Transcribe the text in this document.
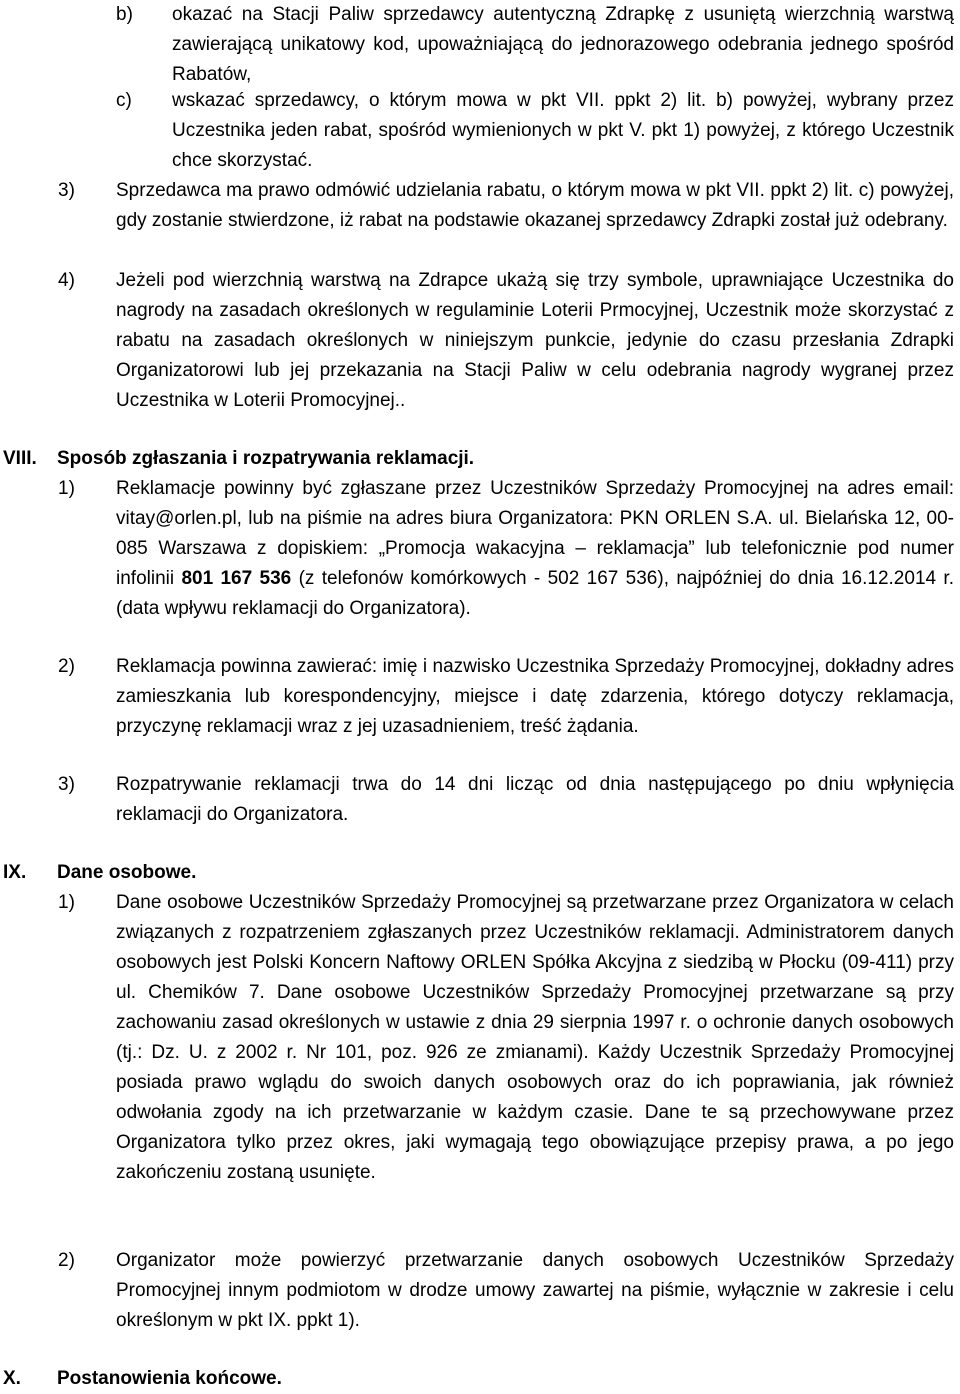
b)	okazać na Stacji Paliw sprzedawcy autentyczną Zdrapkę z usuniętą wierzchnią warstwą zawierającą unikatowy kod, upoważniającą do jednorazowego odebrania jednego spośród Rabatów,

c)	wskazać sprzedawcy, o którym mowa w pkt VII. ppkt 2) lit. b) powyżej, wybrany przez Uczestnika jeden rabat, spośród wymienionych w pkt V. pkt 1) powyżej, z którego Uczestnik chce skorzystać.

3)	Sprzedawca ma prawo odmówić udzielania rabatu, o którym mowa w pkt VII. ppkt 2) lit. c) powyżej, gdy zostanie stwierdzone, iż rabat na podstawie okazanej sprzedawcy Zdrapki został już odebrany.

4)	Jeżeli pod wierzchnią warstwą na Zdrapce ukażą się trzy symbole, uprawniające Uczestnika do nagrody na zasadach określonych w regulaminie Loterii Prmocyjnej, Uczestnik może skorzystać z rabatu na zasadach określonych w niniejszym punkcie, jedynie do czasu przesłania Zdrapki Organizatorowi lub jej przekazania na Stacji Paliw w celu odebrania nagrody wygranej przez Uczestnika w Loterii Promocyjnej..

VIII.	Sposób zgłaszania i rozpatrywania reklamacji.
1)	Reklamacje powinny być zgłaszane przez Uczestników Sprzedaży Promocyjnej na adres email: vitay@orlen.pl, lub na piśmie na adres biura Organizatora: PKN ORLEN S.A. ul. Bielańska 12, 00-085 Warszawa z dopiskiem: „Promocja wakacyjna – reklamacja” lub telefonicznie pod numer infolinii 801 167 536 (z telefonów komórkowych - 502 167 536), najpóźniej do dnia 16.12.2014 r. (data wpływu reklamacji do Organizatora).

2)	Reklamacja powinna zawierać: imię i nazwisko Uczestnika Sprzedaży Promocyjnej, dokładny adres zamieszkania lub korespondencyjny, miejsce i datę zdarzenia, którego dotyczy reklamacja, przyczynę reklamacji wraz z jej uzasadnieniem, treść żądania.

3)	Rozpatrywanie reklamacji trwa do 14 dni licząc od dnia następującego po dniu wpłynięcia reklamacji do Organizatora.

IX.	Dane osobowe.
1)	Dane osobowe Uczestników Sprzedaży Promocyjnej są przetwarzane przez Organizatora w celach związanych z rozpatrzeniem zgłaszanych przez Uczestników reklamacji. Administratorem danych osobowych jest Polski Koncern Naftowy ORLEN Spółka Akcyjna z siedzibą w Płocku (09-411) przy ul. Chemików 7. Dane osobowe Uczestników Sprzedaży Promocyjnej przetwarzane są przy zachowaniu zasad określonych w ustawie z dnia 29 sierpnia 1997 r. o ochronie danych osobowych (tj.: Dz. U. z 2002 r. Nr 101, poz. 926 ze zmianami). Każdy Uczestnik Sprzedaży Promocyjnej posiada prawo wglądu do swoich danych osobowych oraz do ich poprawiania, jak również odwołania zgody na ich przetwarzanie w każdym czasie. Dane te są przechowywane przez Organizatora tylko przez okres, jaki wymagają tego obowiązujące przepisy prawa, a po jego zakończeniu zostaną usunięte.

2)	Organizator może powierzyć przetwarzanie danych osobowych Uczestników Sprzedaży Promocyjnej innym podmiotom w drodze umowy zawartej na piśmie, wyłącznie w zakresie i celu określonym w pkt IX. ppkt 1).

X.	Postanowienia końcowe.
